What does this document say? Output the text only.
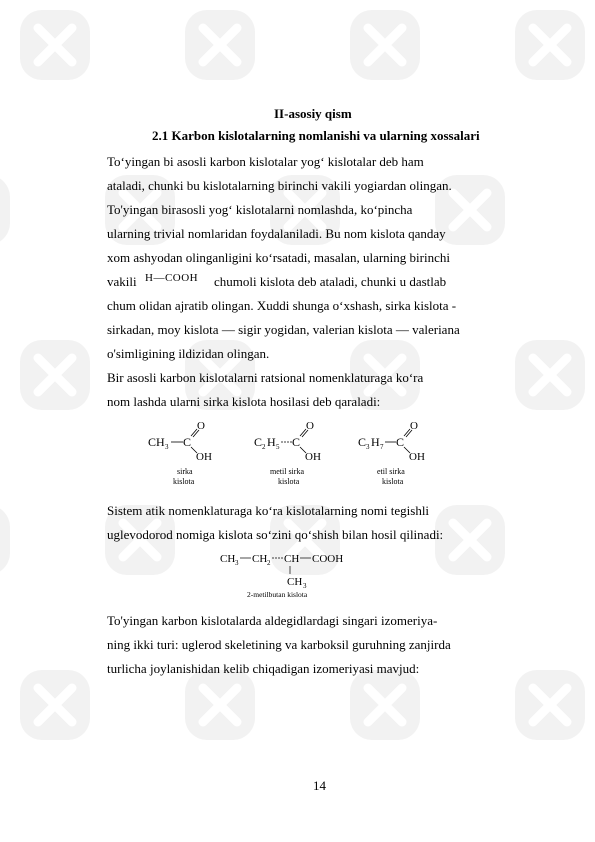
II-asosiy qism
2.1 Karbon kislotalarning nomlanishi va ularning xossalari
To‘yingan bi asosli karbon kislotalar yog‘ kislotalar deb ham
ataladi, chunki bu kislotalarning birinchi vakili yogiardan olingan.
To'yingan birasosli yog‘ kislotalarni nomlashda, ko‘pincha
ularning trivial nomlaridan foydalaniladi. Bu nom kislota qanday
xom ashyodan olinganligini ko‘rsatadi, masalan, ularning birinchi
vakili H—COOH chumoli kislota deb ataladi, chunki u dastlab
chum olidan ajratib olingan. Xuddi shunga o‘xshash, sirka kislota -
sirkadan, moy kislota — sigir yogidan, valerian kislota — valeriana
o'simligining ildizidan olingan.
Bir asosli karbon kislotalarni ratsional nomenklaturaga ko‘ra
nom lashda ularni sirka kislota hosilasi deb qaraladi:
CH 3 C
O
OH
sirka
kislota
C 2 H 5 C
O
OH
metil sirka
kislota
C 3 H 7 C
O
OH
etil sirka
kislota
Sistem atik nomenklaturaga ko‘ra kislotalarning nomi tegishli
uglevodorod nomiga kislota so‘zini qo‘shish bilan hosil qilinadi:
CH 3 CH 2 CH COOH
CH 3
2-metilbutan kislota
To'yingan karbon kislotalarda aldegidlardagi singari izomeriya-
ning ikki turi: uglerod skeletining va karboksil guruhning zanjirda
turlicha joylanishidan kelib chiqadigan izomeriyasi mavjud:
14
